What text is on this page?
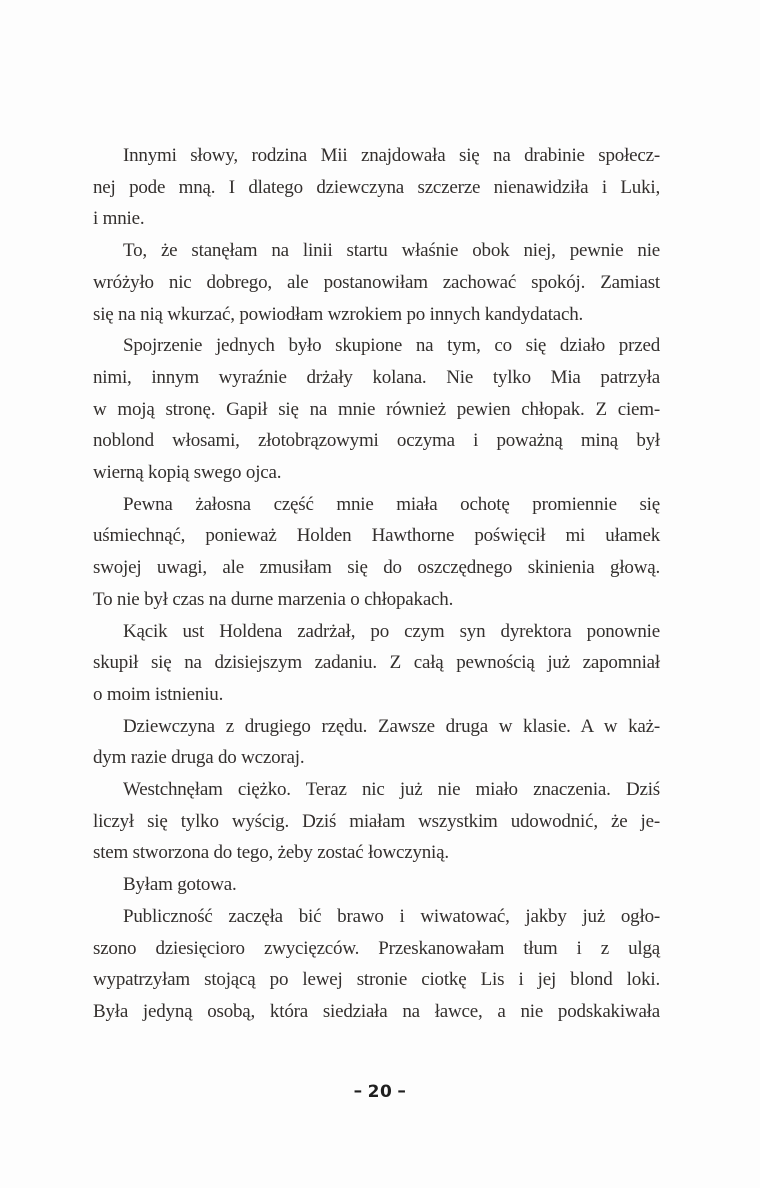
Innymi słowy, rodzina Mii znajdowała się na drabinie społecz-
nej pode mną. I dlatego dziewczyna szczerze nienawidziła i Luki,
i mnie.
To, że stanęłam na linii startu właśnie obok niej, pewnie nie
wróżyło nic dobrego, ale postanowiłam zachować spokój. Zamiast
się na nią wkurzać, powiodłam wzrokiem po innych kandydatach.
Spojrzenie jednych było skupione na tym, co się działo przed
nimi, innym wyraźnie drżały kolana. Nie tylko Mia patrzyła
w moją stronę. Gapił się na mnie również pewien chłopak. Z ciem-
noblond włosami, złotobrązowymi oczyma i poważną miną był
wierną kopią swego ojca.
Pewna żałosna część mnie miała ochotę promiennie się
uśmiechnąć, ponieważ Holden Hawthorne poświęcił mi ułamek
swojej uwagi, ale zmusiłam się do oszczędnego skinienia głową.
To nie był czas na durne marzenia o chłopakach.
Kącik ust Holdena zadrżał, po czym syn dyrektora ponownie
skupił się na dzisiejszym zadaniu. Z całą pewnością już zapomniał
o moim istnieniu.
Dziewczyna z drugiego rzędu. Zawsze druga w klasie. A w każ-
dym razie druga do wczoraj.
Westchnęłam ciężko. Teraz nic już nie miało znaczenia. Dziś
liczył się tylko wyścig. Dziś miałam wszystkim udowodnić, że je-
stem stworzona do tego, żeby zostać łowczynią.
Byłam gotowa.
Publiczność zaczęła bić brawo i wiwatować, jakby już ogło-
szono dziesięcioro zwycięzców. Przeskanowałam tłum i z ulgą
wypatrzyłam stojącą po lewej stronie ciotkę Lis i jej blond loki.
Była jedyną osobą, która siedziała na ławce, a nie podskakiwała
– 20 –
